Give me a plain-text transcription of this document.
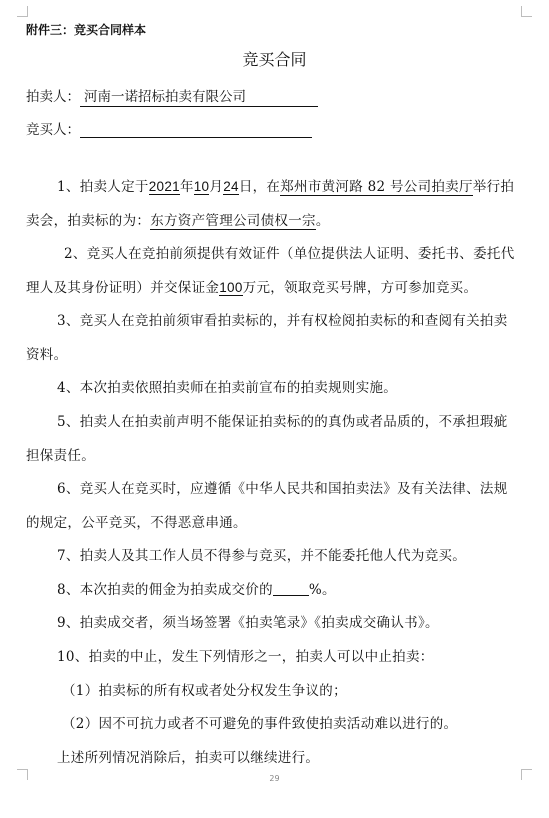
附件三：竞买合同样本
竞买合同
拍卖人： 河南一诺招标拍卖有限公司
竞买人：
1、拍卖人定于2021年10月24日，在郑州市黄河路 82 号公司拍卖厅举行拍卖会，拍卖标的为：东方资产管理公司债权一宗。
2、竞买人在竞拍前须提供有效证件（单位提供法人证明、委托书、委托代理人及其身份证明）并交保证金100万元，领取竞买号牌，方可参加竞买。
3、竞买人在竞拍前须审看拍卖标的，并有权检阅拍卖标的和查阅有关拍卖资料。
4、本次拍卖依照拍卖师在拍卖前宣布的拍卖规则实施。
5、拍卖人在拍卖前声明不能保证拍卖标的的真伪或者品质的，不承担瑕疵担保责任。
6、竞买人在竞买时，应遵循《中华人民共和国拍卖法》及有关法律、法规的规定，公平竞买，不得恶意串通。
7、拍卖人及其工作人员不得参与竞买，并不能委托他人代为竞买。
8、本次拍卖的佣金为拍卖成交价的	%。
9、拍卖成交者，须当场签署《拍卖笔录》《拍卖成交确认书》。
10、拍卖的中止，发生下列情形之一，拍卖人可以中止拍卖：
（1）拍卖标的所有权或者处分权发生争议的；
（2）因不可抗力或者不可避免的事件致使拍卖活动难以进行的。
上述所列情况消除后，拍卖可以继续进行。
29
